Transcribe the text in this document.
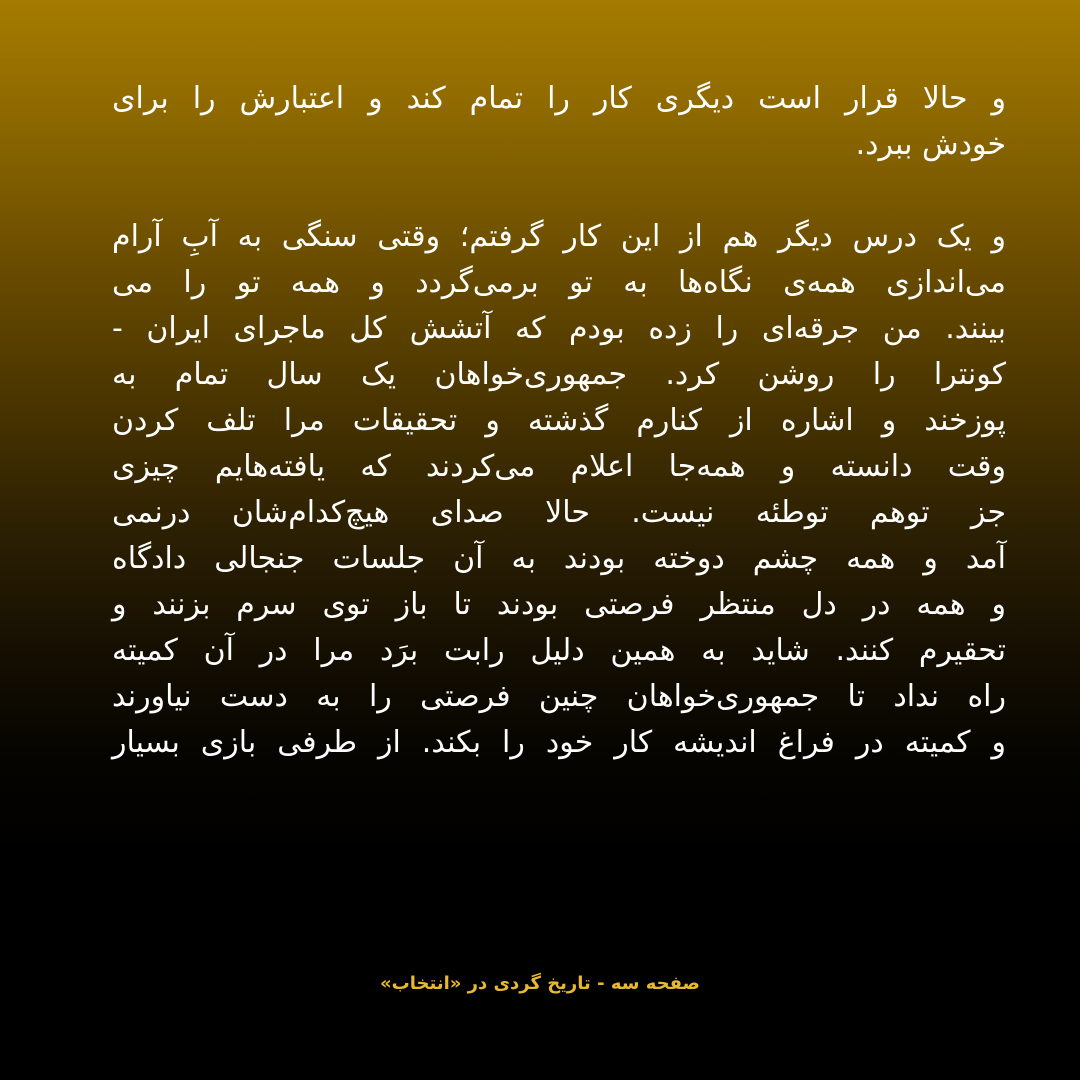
و حالا قرار است دیگری کار را تمام کند و اعتبارش را برای
خودش ببرد.
و یک درس دیگر هم از این کار گرفتم؛ وقتی سنگی به آبِ آرام
می‌اندازی همه‌ی نگاه‌ها به تو برمی‌گردد و همه تو را می
بینند. من جرقه‌ای را زده بودم که آتشش کل ماجرای ایران -
کونترا را روشن کرد. جمهوری‌خواهان یک سال تمام به
پوزخند و اشاره از کنارم گذشته و تحقیقات مرا تلف کردن
وقت دانسته و همه‌جا اعلام می‌کردند که یافته‌هایم چیزی
جز توهم توطئه نیست. حالا صدای هیچ‌کدام‌شان درنمی
آمد و همه چشم دوخته بودند به آن جلسات جنجالی دادگاه
و همه در دل منتظر فرصتی بودند تا باز توی سرم بزنند و
تحقیرم کنند. شاید به همین دلیل رابت برَد مرا در آن کمیته
راه نداد تا جمهوری‌خواهان چنین فرصتی را به دست نیاورند
و کمیته در فراغ اندیشه کار خود را بکند. از طرفی بازی بسیار
صفحه سه - تاریخ گردی در «انتخاب»
